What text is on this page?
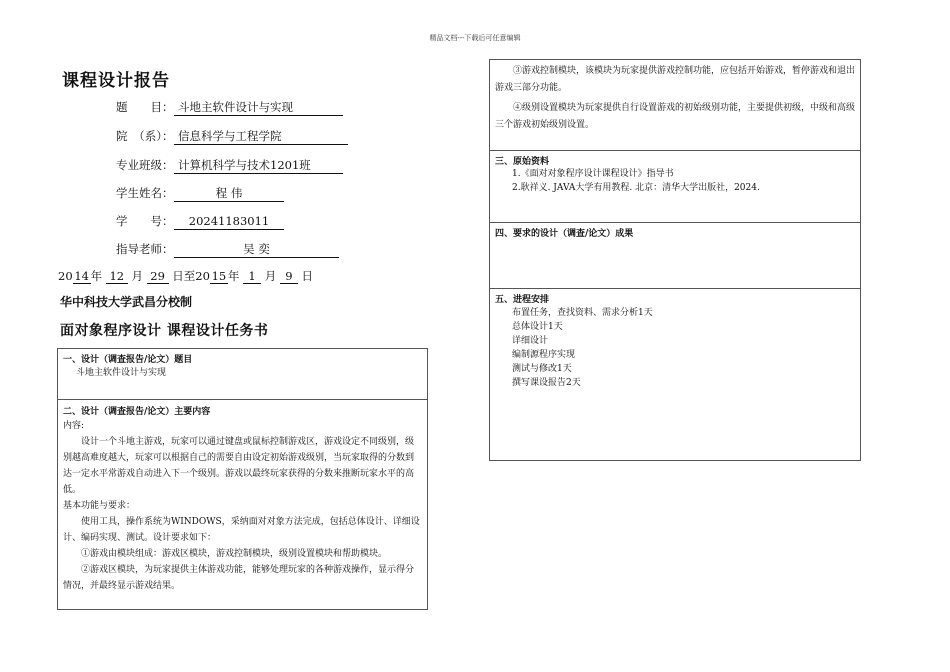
精品文档---下载后可任意编辑
课程设计报告
题　　目： 斗地主软件设计与实现
院　（系）： 信息科学与工程学院
专业班级： 计算机科学与技术1201班
学生姓名：	程 伟
学　　号： 20241183011
指导老师：	吴 奕
20 14 年 12 月 29 日至20 15 年 1 月 9 日
华中科技大学武昌分校制
面对象程序设计 课程设计任务书
一、设计（调查报告/论文）题目
斗地主软件设计与实现
二、设计（调查报告/论文）主要内容
内容:
设计一个斗地主游戏，玩家可以通过键盘或鼠标控制游戏区，游戏设定不同级别，级别越高难度越大，玩家可以根据自己的需要自由设定初始游戏级别，当玩家取得的分数到达一定水平常游戏自动进入下一个级别。游戏以最终玩家获得的分数来推断玩家水平的高低。
基本功能与要求：
使用工具，操作系统为WINDOWS，采纳面对对象方法完成，包括总体设计、详细设计、编码实现、测试。设计要求如下：
①游戏由模块组成：游戏区模块，游戏控制模块，级别设置模块和帮助模块。
②游戏区模块，为玩家提供主体游戏功能，能够处理玩家的各种游戏操作，显示得分情况，并最终显示游戏结果。
③游戏控制模块，该模块为玩家提供游戏控制功能，应包括开始游戏，暂停游戏和退出游戏三部分功能。
④级别设置模块为玩家提供自行设置游戏的初始级别功能，主要提供初级，中级和高级三个游戏初始级别设置。
三、原始资料
1.《面对对象程序设计课程设计》指导书
2.耿祥义. JAVA大学有用教程. 北京：清华大学出版社，2024.
四、要求的设计（调查/论文）成果
五、进程安排
布置任务，查找资料、需求分析1天
总体设计1天
详细设计
编制源程序实现
测试与修改1天
撰写课设报告2天
